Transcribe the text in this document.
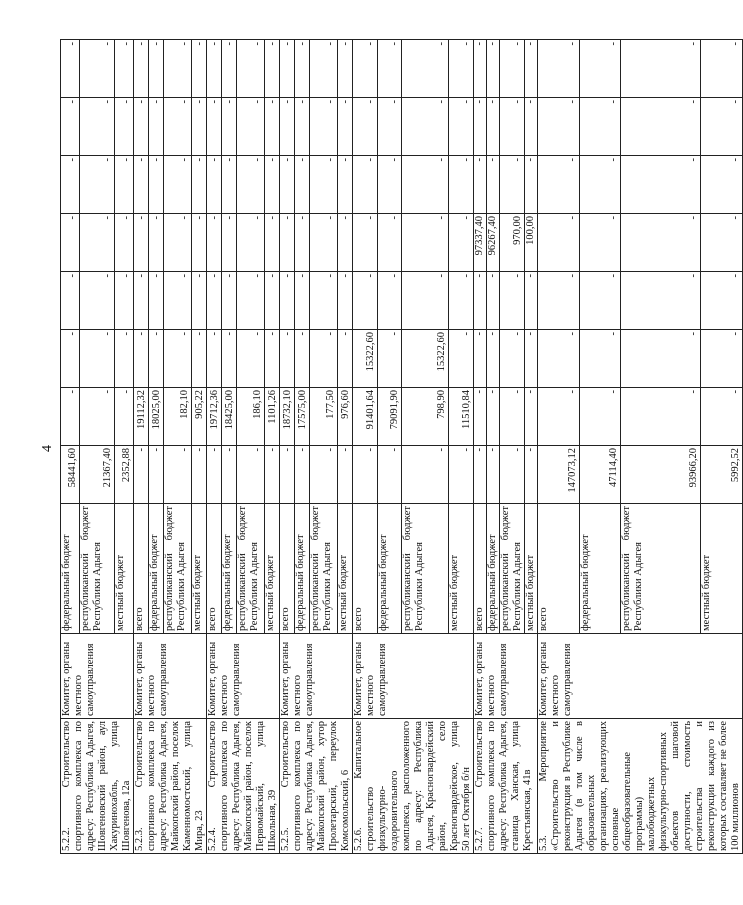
4
5.2.2. Строительство спортивного комплекса по адресу: Республика Адыгея, Шовгеновский район, аул Хакуринохабль, улица Шовгенова, 12а	Комитет, органы местного самоуправления	федеральный бюджет	58441,60	-	-	-	-	-	-	-
		республиканский бюджет Республики Адыгея	21367,40	-	-	-	-	-	-	-
		местный бюджет	2352,88	-	-	-	-	-	-	-
5.2.3. Строительство спортивного комплекса по адресу: Республика Адыгея, Майкопский район, поселок Каменномостский, улица Мира, 23	Комитет, органы местного самоуправления	всего	-	19112,32	-	-	-	-	-	-
		федеральный бюджет	-	18025,00	-	-	-	-	-	-
		республиканский бюджет Республики Адыгея	-	182,10	-	-	-	-	-	-
		местный бюджет	-	905,22	-	-	-	-	-	-
5.2.4. Строительство спортивного комплекса по адресу: Республика Адыгея, Майкопский район, поселок Первомайский, улица Школьная, 39	Комитет, органы местного самоуправления	всего	-	19712,36	-	-	-	-	-	-
		федеральный бюджет	-	18425,00	-	-	-	-	-	-
		республиканский бюджет Республики Адыгея	-	186,10	-	-	-	-	-	-
		местный бюджет	-	1101,26	-	-	-	-	-	-
5.2.5. Строительство спортивного комплекса по адресу: Республика Адыгея, Майкопский район, хутор Пролетарский, переулок Комсомольский, 6	Комитет, органы местного самоуправления	всего	-	18732,10	-	-	-	-	-	-
		федеральный бюджет	-	17575,00	-	-	-	-	-	-
		республиканский бюджет Республики Адыгея	-	177,50	-	-	-	-	-	-
		местный бюджет	-	976,60	-	-	-	-	-	-
5.2.6. Капитальное строительство физкультурно-оздоровительного комплекса, расположенного по адресу: Республика Адыгея, Красногвардейский район, село Красногвардейское, улица 50 лет Октября б/н	Комитет, органы местного самоуправления	всего	-	91401,64	15322,60	-	-	-	-	-
		федеральный бюджет	-	79091,90	-	-	-	-	-	-
		республиканский бюджет Республики Адыгея	-	798,90	15322,60	-	-	-	-	-
		местный бюджет	-	11510,84	-	-	-	-	-	-
5.2.7. Строительство спортивного комплекса по адресу: Республика Адыгея, станица Ханская, улица Крестьянская, 41в	Комитет, органы местного самоуправления	всего	-	-	-	-	97337,40	-	-	-
		федеральный бюджет	-	-	-	-	96267,40	-	-	-
		республиканский бюджет Республики Адыгея	-	-	-	-	970,00	-	-	-
		местный бюджет	-	-	-	-	100,00	-	-	-
5.3. Мероприятие «Строительство и реконструкция в Республике Адыгея (в том числе в образовательных организациях, реализующих основные общеобразовательные программы) малобюджетных физкультурно-спортивных объектов шаговой доступности, стоимость строительства и реконструкции каждого из которых составляет не более 100 миллионов	Комитет, органы местного самоуправления	всего	147073,12	-	-	-	-	-	-	-
		федеральный бюджет	47114,40	-	-	-	-	-	-	-
		республиканский бюджет Республики Адыгея	93966,20	-	-	-	-	-	-	-
		местный бюджет	5992,52	-	-	-	-	-	-	-
